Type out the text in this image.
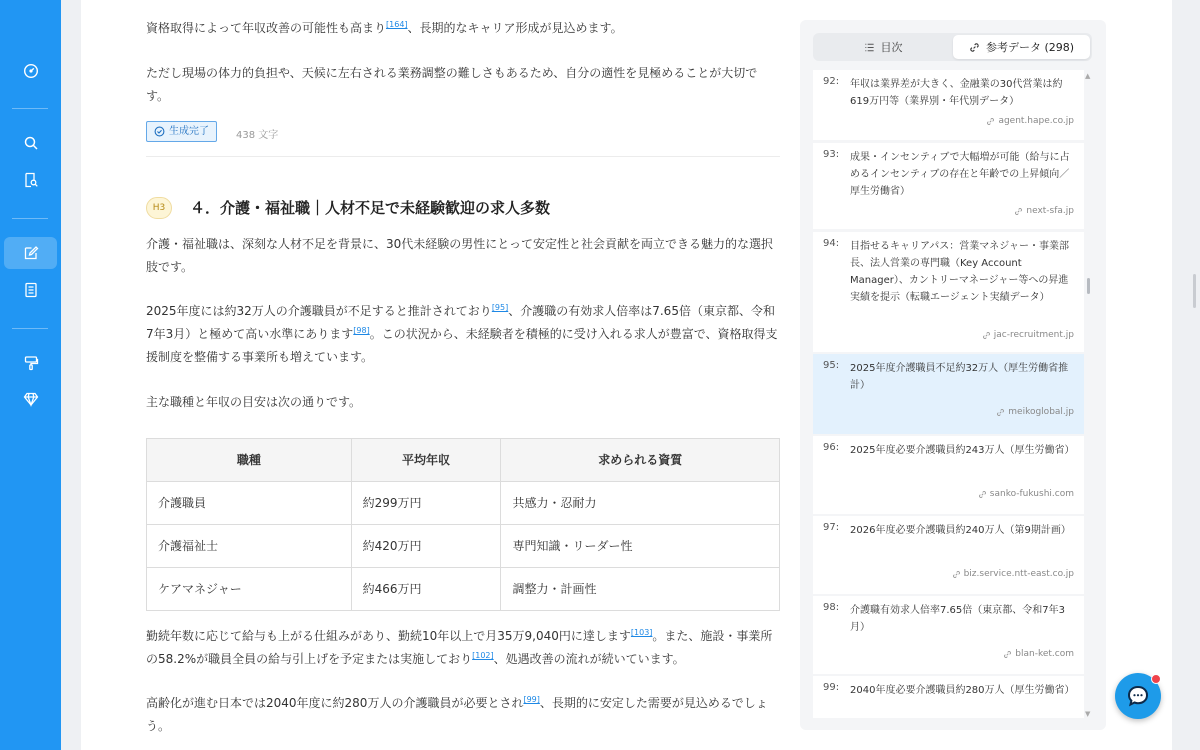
資格取得によって年収改善の可能性も高まり[164]、長期的なキャリア形成が見込めます。
ただし現場の体力的負担や、天候に左右される業務調整の難しさもあるため、自分の適性を見極めることが大切です。
生成完了	438 文字
H3	４．介護・福祉職｜人材不足で未経験歓迎の求人多数
介護・福祉職は、深刻な人材不足を背景に、30代未経験の男性にとって安定性と社会貢献を両立できる魅力的な選択肢です。
2025年度には約32万人の介護職員が不足すると推計されており[95]、介護職の有効求人倍率は7.65倍（東京都、令和7年3月）と極めて高い水準にあります[98]。この状況から、未経験者を積極的に受け入れる求人が豊富で、資格取得支援制度を整備する事業所も増えています。
主な職種と年収の目安は次の通りです。
職種	平均年収	求められる資質
介護職員	約299万円	共感力・忍耐力
介護福祉士	約420万円	専門知識・リーダー性
ケアマネジャー	約466万円	調整力・計画性
勤続年数に応じて給与も上がる仕組みがあり、勤続10年以上で月35万9,040円に達します[103]。また、施設・事業所の58.2%が職員全員の給与引上げを予定または実施しており[102]、処遇改善の流れが続いています。
高齢化が進む日本では2040年度に約280万人の介護職員が必要とされ[99]、長期的に安定した需要が見込めるでしょう。
目次	参考データ (298)
92: 年収は業界差が大きく、金融業の30代営業は約619万円等（業界別・年代別データ）
agent.hape.co.jp
93: 成果・インセンティブで大幅増が可能（給与に占めるインセンティブの存在と年齢での上昇傾向／厚生労働省）
next-sfa.jp
94: 目指せるキャリアパス：営業マネジャー・事業部長、法人営業の専門職（Key Account Manager）、カントリーマネージャー等への昇進実績を提示（転職エージェント実績データ）
jac-recruitment.jp
95: 2025年度介護職員不足約32万人（厚生労働省推計）
meikoglobal.jp
96: 2025年度必要介護職員約243万人（厚生労働省）
sanko-fukushi.com
97: 2026年度必要介護職員約240万人（第9期計画）
biz.service.ntt-east.co.jp
98: 介護職有効求人倍率7.65倍（東京都、令和7年3月）
blan-ket.com
99: 2040年度必要介護職員約280万人（厚生労働省）
▲
▼
